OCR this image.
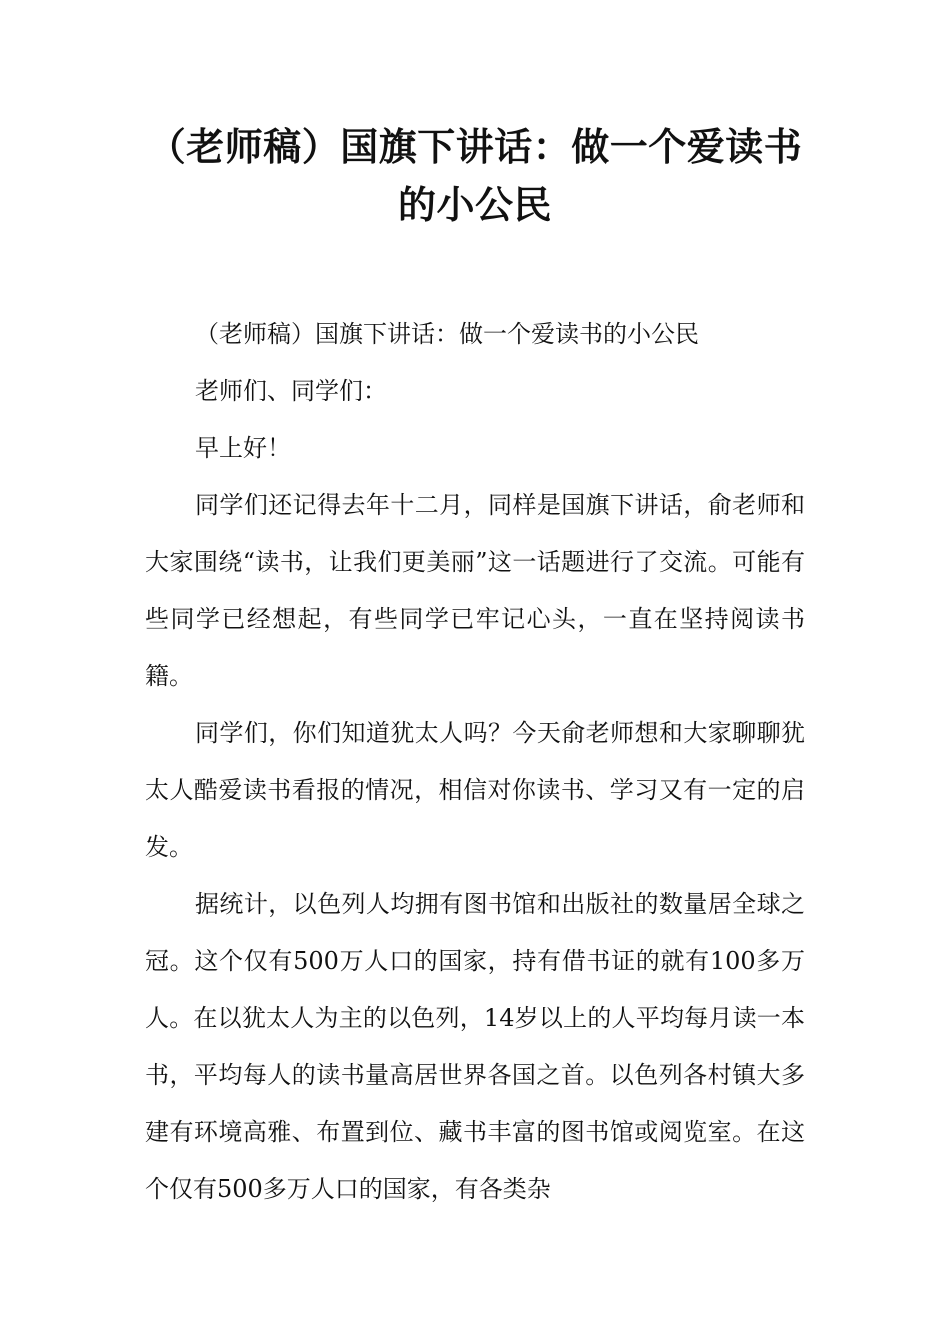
（老师稿）国旗下讲话：做一个爱读书的小公民

（老师稿）国旗下讲话：做一个爱读书的小公民

老师们、同学们：

早上好！

同学们还记得去年十二月，同样是国旗下讲话，俞老师和大家围绕“读书，让我们更美丽”这一话题进行了交流。可能有些同学已经想起，有些同学已牢记心头，一直在坚持阅读书籍。

同学们，你们知道犹太人吗？今天俞老师想和大家聊聊犹太人酷爱读书看报的情况，相信对你读书、学习又有一定的启发。

据统计，以色列人均拥有图书馆和出版社的数量居全球之冠。这个仅有500万人口的国家，持有借书证的就有100多万人。在以犹太人为主的以色列，14岁以上的人平均每月读一本书，平均每人的读书量高居世界各国之首。以色列各村镇大多建有环境高雅、布置到位、藏书丰富的图书馆或阅览室。在这个仅有500多万人口的国家，有各类杂
